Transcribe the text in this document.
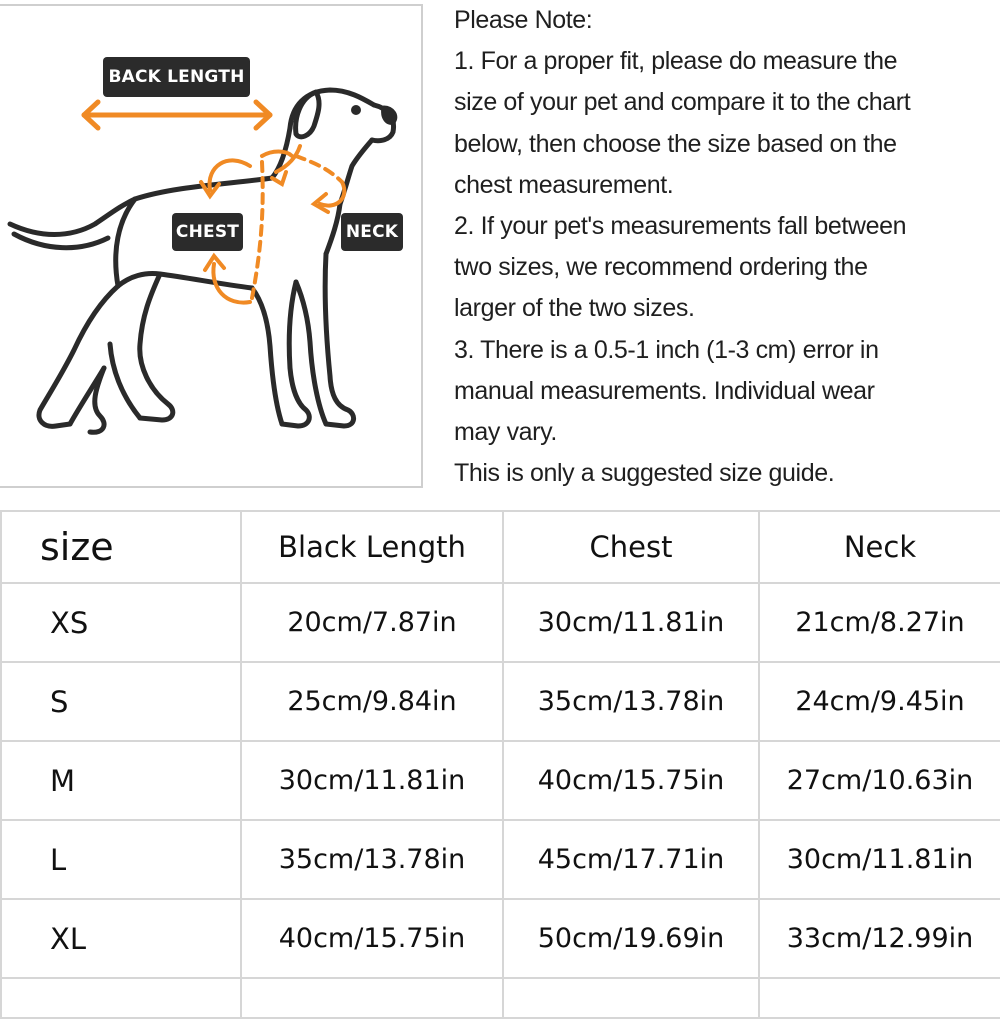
BACK LENGTH
CHEST	NECK
Please Note:
1. For a proper fit, please do measure the
size of your pet and compare it to the chart
below, then choose the size based on the
chest measurement.
2. If your pet's measurements fall between
two sizes, we recommend ordering the
larger of the two sizes.
3. There is a 0.5-1 inch (1-3 cm) error in
manual measurements. Individual wear
may vary.
This is only a suggested size guide.
size	Black Length	Chest	Neck
XS	20cm/7.87in	30cm/11.81in	21cm/8.27in
S	25cm/9.84in	35cm/13.78in	24cm/9.45in
M	30cm/11.81in	40cm/15.75in	27cm/10.63in
L	35cm/13.78in	45cm/17.71in	30cm/11.81in
XL	40cm/15.75in	50cm/19.69in	33cm/12.99in
